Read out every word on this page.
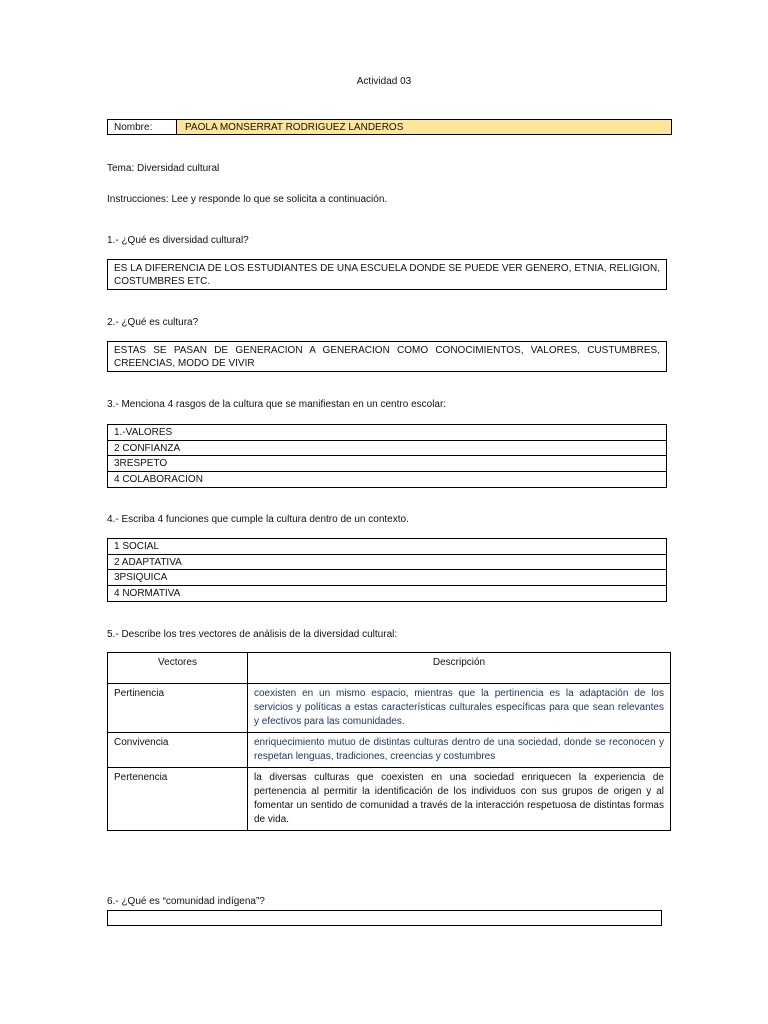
Actividad 03
Nombre:	PAOLA MONSERRAT RODRIGUEZ LANDEROS
Tema: Diversidad cultural
Instrucciones: Lee y responde lo que se solicita a continuación.
1.- ¿Qué es diversidad cultural?
ES LA DIFERENCIA DE LOS ESTUDIANTES DE UNA ESCUELA DONDE SE PUEDE VER GENERO, ETNIA, RELIGION, COSTUMBRES ETC.
2.- ¿Qué es cultura?
ESTAS SE PASAN DE GENERACION A GENERACION COMO CONOCIMIENTOS, VALORES, CUSTUMBRES, CREENCIAS, MODO DE VIVIR
3.- Menciona 4 rasgos de la cultura que se manifiestan en un centro escolar:
1.-VALORES
2 CONFIANZA
3RESPETO
4 COLABORACION
4.- Escriba 4 funciones que cumple la cultura dentro de un contexto.
1 SOCIAL
2 ADAPTATIVA
3PSIQUICA
4 NORMATIVA
5.- Describe los tres vectores de análisis de la diversidad cultural:
Vectores	Descripción
Pertinencia	coexisten en un mismo espacio, mientras que la pertinencia es la adaptación de los servicios y políticas a estas características culturales específicas para que sean relevantes y efectivos para las comunidades.
Convivencia	enriquecimiento mutuo de distintas culturas dentro de una sociedad, donde se reconocen y respetan lenguas, tradiciones, creencias y costumbres
Pertenencia	la diversas culturas que coexisten en una sociedad enriquecen la experiencia de pertenencia al permitir la identificación de los individuos con sus grupos de origen y al fomentar un sentido de comunidad a través de la interacción respetuosa de distintas formas de vida.
6.- ¿Qué es “comunidad indígena”?
